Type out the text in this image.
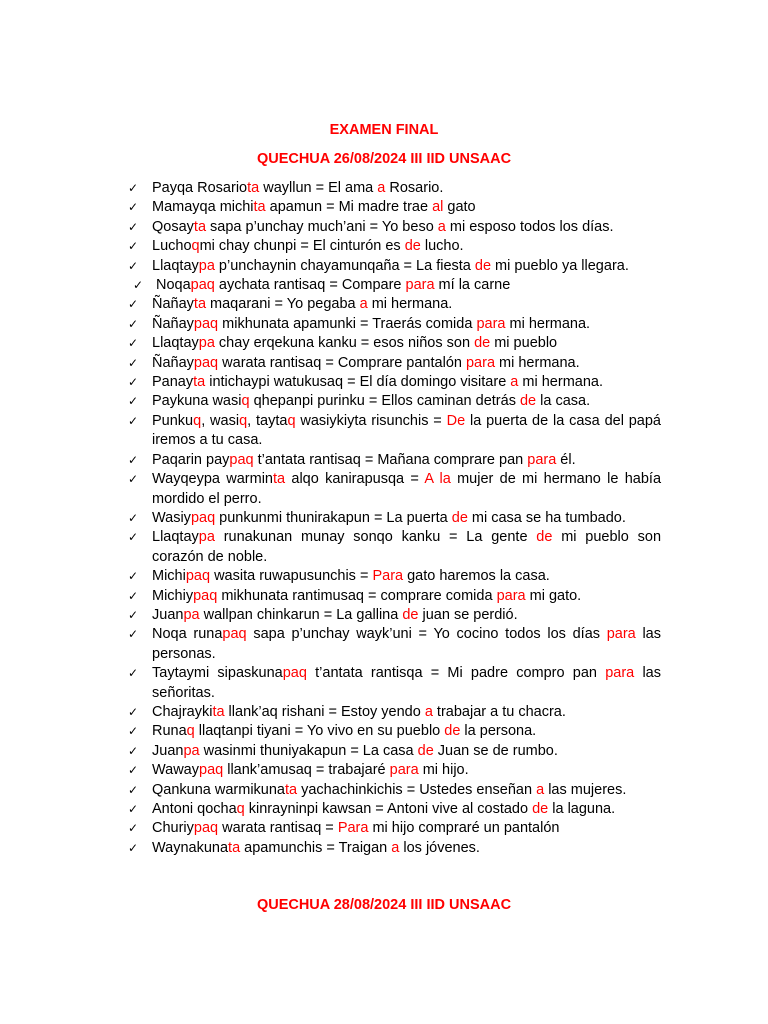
EXAMEN FINAL
QUECHUA 26/08/2024 III IID UNSAAC
✓ Payqa Rosariota wayllun = El ama a Rosario.
✓ Mamayqa michita apamun = Mi madre trae al gato
✓ Qosayta sapa p’unchay much’ani = Yo beso a mi esposo todos los días.
✓ Luchoqmi chay chunpi = El cinturón es de lucho.
✓ Llaqtaypa p’unchaynin chayamunqaña = La fiesta de mi pueblo ya llegara.
✓ Noqapaq aychata rantisaq = Compare para mí la carne
✓ Ñañayta maqarani = Yo pegaba a mi hermana.
✓ Ñañaypaq mikhunata apamunki = Traerás comida para mi hermana.
✓ Llaqtaypa chay erqekuna kanku = esos niños son de mi pueblo
✓ Ñañaypaq warata rantisaq = Comprare pantalón para mi hermana.
✓ Panayta intichaypi watukusaq = El día domingo visitare a mi hermana.
✓ Paykuna wasiq qhepanpi purinku = Ellos caminan detrás de la casa.
✓ Punkuq, wasiq, taytaq wasiykiyta risunchis = De la puerta de la casa del papá iremos a tu casa.
✓ Paqarin paypaq t’antata rantisaq = Mañana comprare pan para él.
✓ Wayqeypa warminta alqo kanirapusqa = A la mujer de mi hermano le había mordido el perro.
✓ Wasiypaq punkunmi thunirakapun = La puerta de mi casa se ha tumbado.
✓ Llaqtaypa runakunan munay sonqo kanku = La gente de mi pueblo son corazón de noble.
✓ Michipaq wasita ruwapusunchis = Para gato haremos la casa.
✓ Michiypaq mikhunata rantimusaq = comprare comida para mi gato.
✓ Juanpa wallpan chinkarun = La gallina de juan se perdió.
✓ Noqa runapaq sapa p’unchay wayk’uni = Yo cocino todos los días para las personas.
✓ Taytaymi sipaskunapaq t’antata rantisqa = Mi padre compro pan para las señoritas.
✓ Chajraykita llank’aq rishani = Estoy yendo a trabajar a tu chacra.
✓ Runaq llaqtanpi tiyani = Yo vivo en su pueblo de la persona.
✓ Juanpa wasinmi thuniyakapun = La casa de Juan se de rumbo.
✓ Wawaypaq llank’amusaq = trabajaré para mi hijo.
✓ Qankuna warmikunata yachachinkichis = Ustedes enseñan a las mujeres.
✓ Antoni qochaq kinrayninpi kawsan = Antoni vive al costado de la laguna.
✓ Churiypaq warata rantisaq = Para mi hijo compraré un pantalón
✓ Waynakunata apamunchis = Traigan a los jóvenes.
QUECHUA 28/08/2024 III IID UNSAAC
